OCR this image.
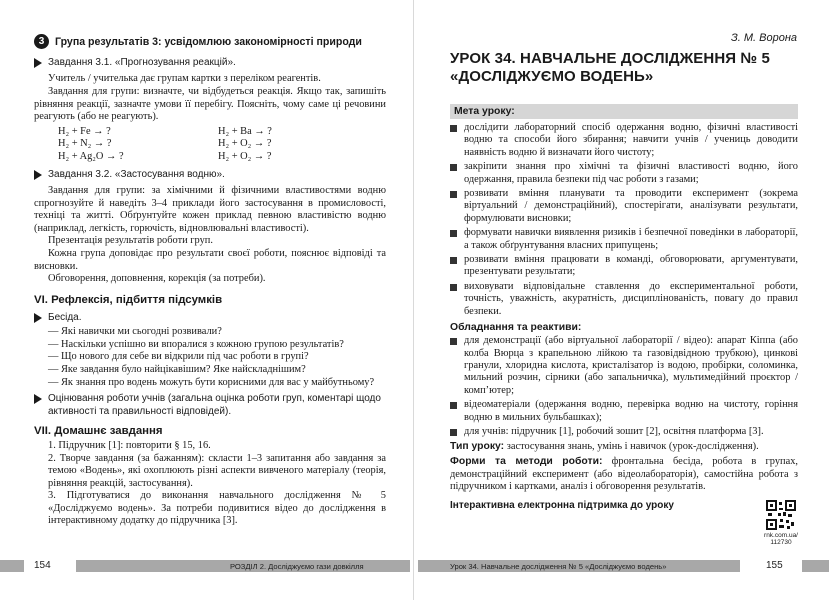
3	Група результатів 3: усвідомлюю закономірності природи
Завдання 3.1. «Прогнозування реакцій».
Учитель / учителька дає групам картки з переліком реагентів.
Завдання для групи: визначте, чи відбудеться реакція. Якщо так, запишіть рівняння реакції, зазначте умови її перебігу. Поясніть, чому саме ці речовини реагують (або не реагують).
H₂ + Fe → ?	H₂ + Ba → ?
H₂ + N₂ → ?	H₂ + O₂ → ?
H₂ + Ag₂O → ?	H₂ + O₂ → ?
Завдання 3.2. «Застосування водню».
Завдання для групи: за хімічними й фізичними властивостями водню спрогнозуйте й наведіть 3–4 приклади його застосування в промисловості, техніці та житті. Обґрунтуйте кожен приклад певною властивістю водню (наприклад, легкість, горючість, відновлювальні властивості).
Презентація результатів роботи груп.
Кожна група доповідає про результати своєї роботи, пояснює відповіді та висновки.
Обговорення, доповнення, корекція (за потреби).
VI. Рефлексія, підбиття підсумків
Бесіда.
— Які навички ми сьогодні розвивали?
— Наскільки успішно ви впоралися з кожною групою результатів?
— Що нового для себе ви відкрили під час роботи в групі?
— Яке завдання було найцікавішим? Яке найскладнішим?
— Як знання про водень можуть бути корисними для вас у майбутньому?
Оцінювання роботи учнів (загальна оцінка роботи груп, коментарі щодо активності та правильності відповідей).
VII. Домашнє завдання
1. Підручник [1]: повторити § 15, 16.
2. Творче завдання (за бажанням): скласти 1–3 запитання або завдання за темою «Водень», які охоплюють різні аспекти вивченого матеріалу (теорія, рівняння реакцій, застосування).
3. Підготуватися до виконання навчального дослідження № 5 «Досліджуємо водень». За потреби подивитися відео до дослідження в інтерактивному додатку до підручника [3].
154	РОЗДІЛ 2. Досліджуємо гази довкілля
З. М. Ворона
УРОК 34. НАВЧАЛЬНЕ ДОСЛІДЖЕННЯ № 5
«ДОСЛІДЖУЄМО ВОДЕНЬ»
Мета уроку:
дослідити лабораторний спосіб одержання водню, фізичні властивості водню та способи його збирання; навчити учнів / учениць доводити наявність водню й визначати його чистоту;
закріпити знання про хімічні та фізичні властивості водню, його одержання, правила безпеки під час роботи з газами;
розвивати вміння планувати та проводити експеримент (зокрема віртуальний / демонстраційний), спостерігати, аналізувати результати, формулювати висновки;
формувати навички виявлення ризиків і безпечної поведінки в лабораторії, а також обґрунтування власних припущень;
розвивати вміння працювати в команді, обговорювати, аргументувати, презентувати результати;
виховувати відповідальне ставлення до експериментальної роботи, точність, уважність, акуратність, дисциплінованість, повагу до правил безпеки.
Обладнання та реактиви:
для демонстрації (або віртуальної лабораторії / відео): апарат Кіппа (або колба Вюрца з крапельною лійкою та газовідвідною трубкою), цинкові гранули, хлоридна кислота, кристалізатор із водою, пробірки, соломинка, мильний розчин, сірники (або запальничка), мультимедійний проєктор / комп’ютер;
відеоматеріали (одержання водню, перевірка водню на чистоту, горіння водню в мильних бульбашках);
для учнів: підручник [1], робочий зошит [2], освітня платформа [3].
Тип уроку: застосування знань, умінь і навичок (урок-дослідження).
Форми та методи роботи: фронтальна бесіда, робота в групах, демонстраційний експеримент (або відеолабораторія), самостійна робота з підручником і картками, аналіз і обговорення результатів.
Інтерактивна електронна підтримка до уроку
rnk.com.ua/
112730
Урок 34. Навчальне дослідження № 5 «Досліджуємо водень»	155
